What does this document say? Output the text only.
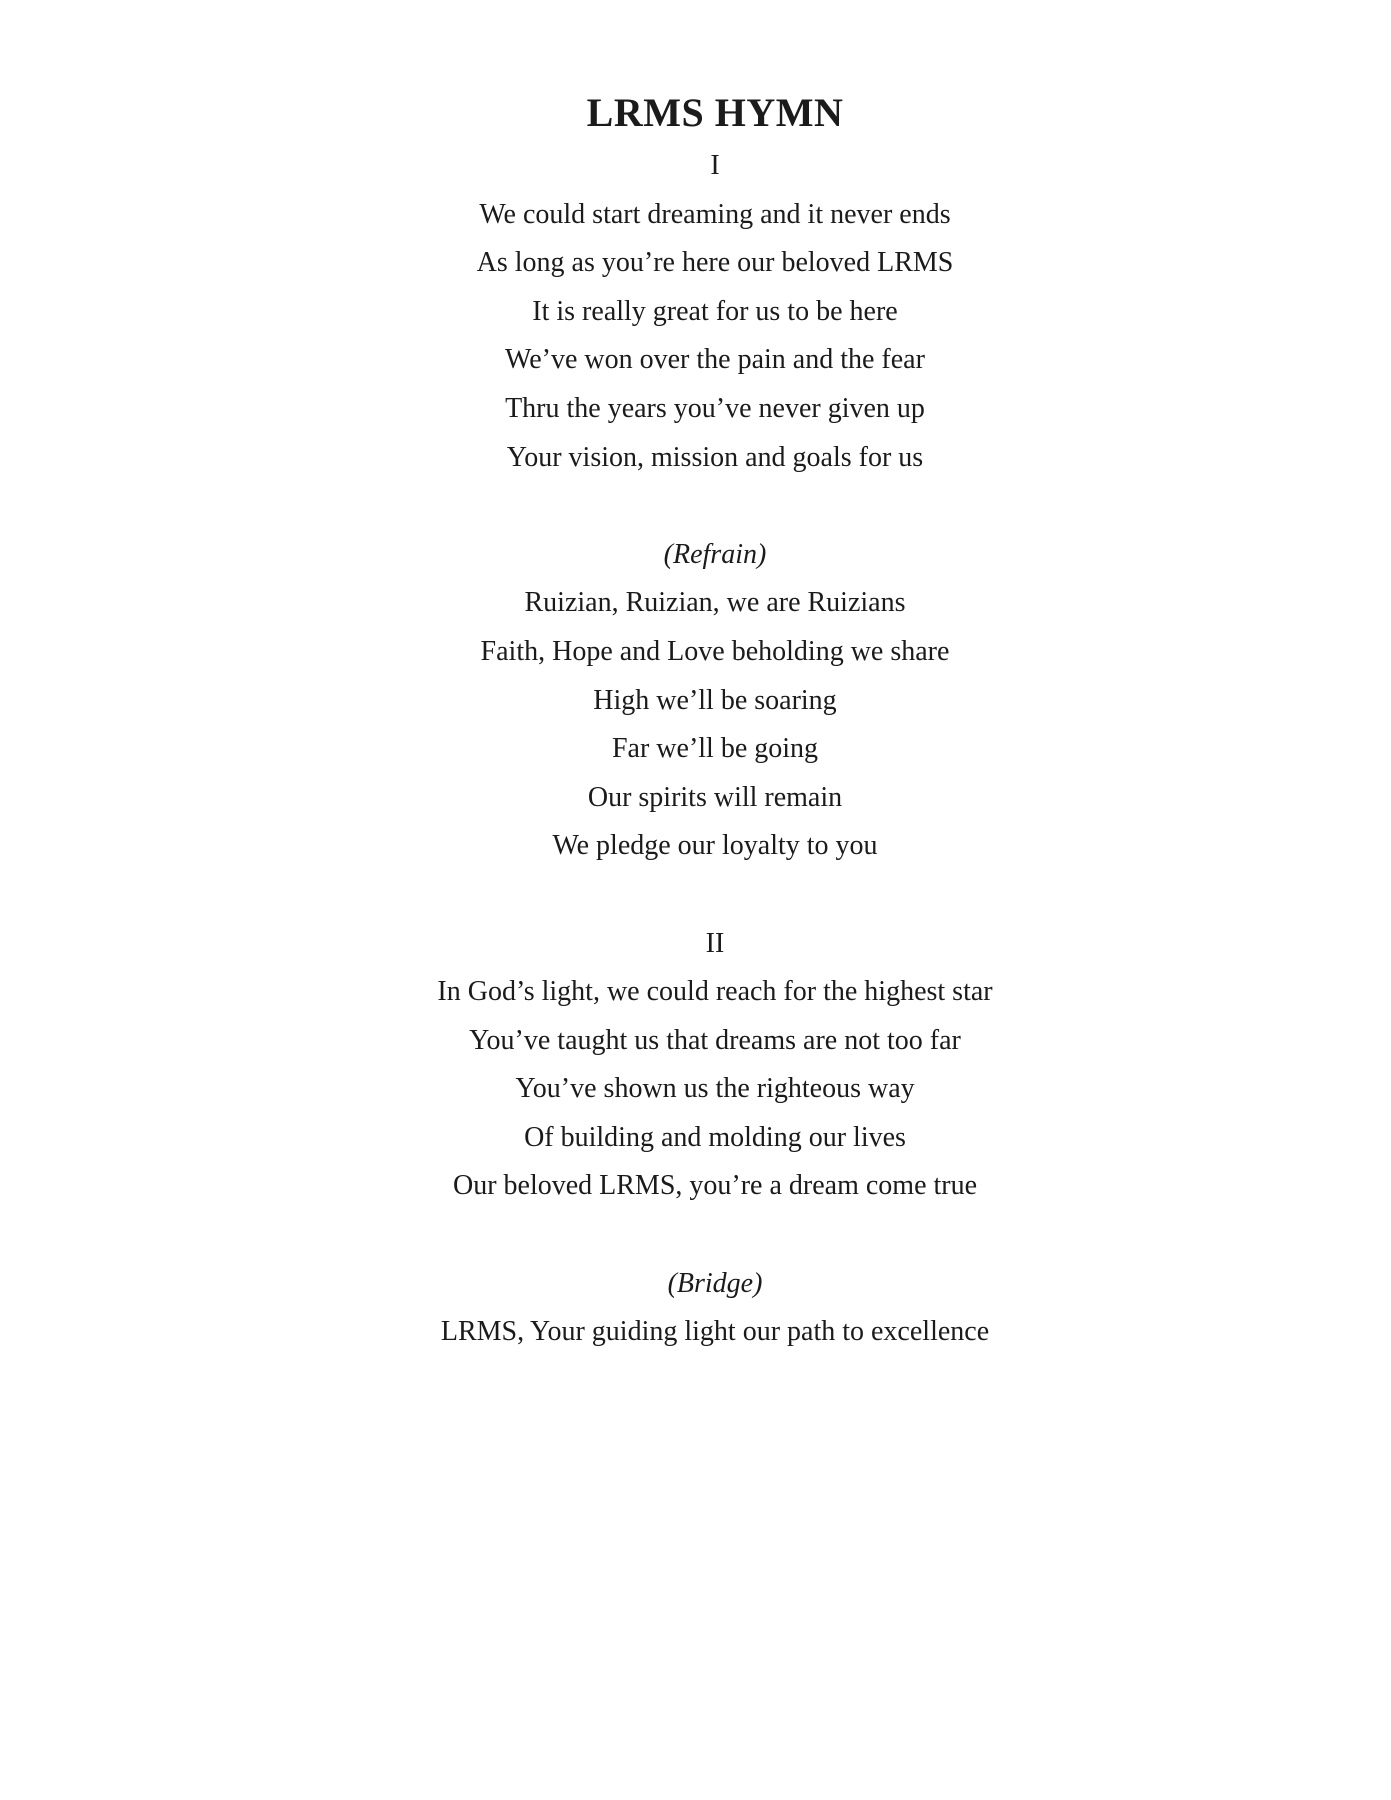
LRMS HYMN
I
We could start dreaming and it never ends
As long as you’re here our beloved LRMS
It is really great for us to be here
We’ve won over the pain and the fear
Thru the years you’ve never given up
Your vision, mission and goals for us
(Refrain)
Ruizian, Ruizian, we are Ruizians
Faith, Hope and Love beholding we share
High we’ll be soaring
Far we’ll be going
Our spirits will remain
We pledge our loyalty to you
II
In God’s light, we could reach for the highest star
You’ve taught us that dreams are not too far
You’ve shown us the righteous way
Of building and molding our lives
Our beloved LRMS, you’re a dream come true
(Bridge)
LRMS, Your guiding light our path to excellence
